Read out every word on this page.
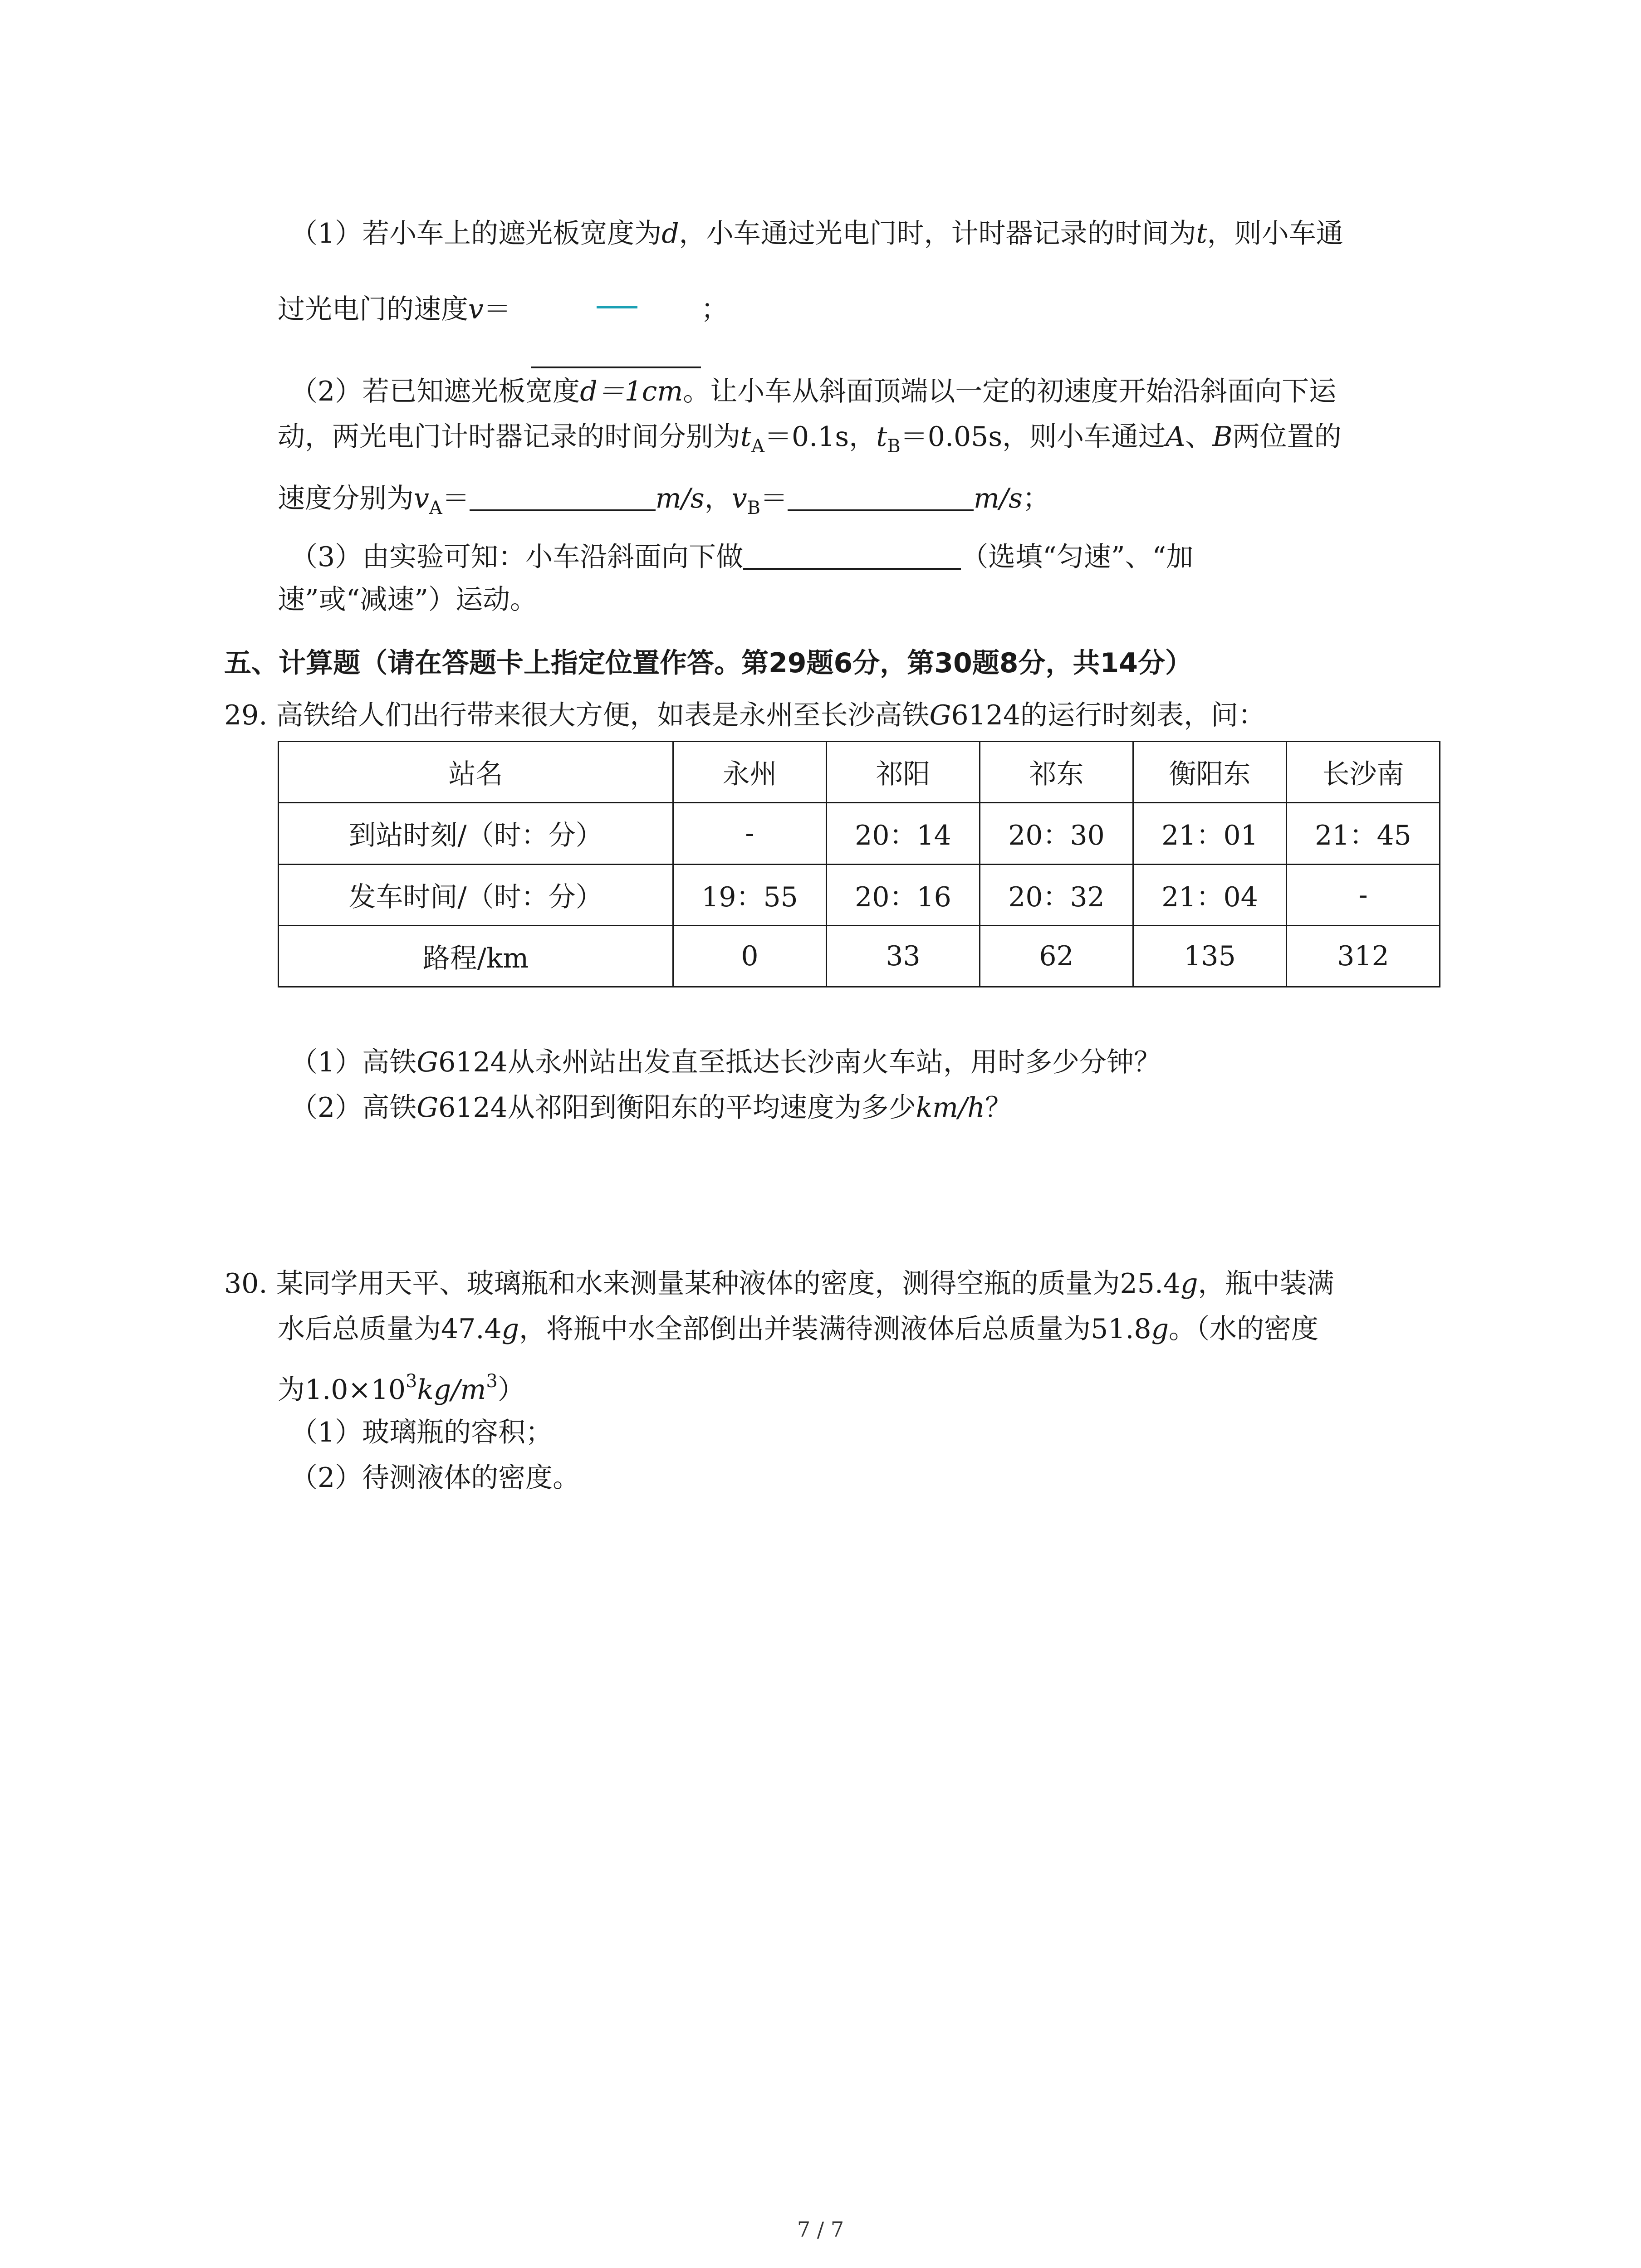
（1）若小车上的遮光板宽度为d，小车通过光电门时，计时器记录的时间为t，则小车通
过光电门的速度v＝	；
（2）若已知遮光板宽度d＝1cm。让小车从斜面顶端以一定的初速度开始沿斜面向下运
动，两光电门计时器记录的时间分别为$t_A=0.1s$，$t_B=0.05s$，则小车通过A、B两位置的
速度分别为$v_A=$	m/s，$v_B=$	m/s；
（3）由实验可知：小车沿斜面向下做	（选填“匀速”、“加
速”或“减速”）运动。
五、计算题（请在答题卡上指定位置作答。第29题6分，第30题8分，共14分）
29. 高铁给人们出行带来很大方便，如表是永州至长沙高铁G6124的运行时刻表，问：
站名	永州	祁阳	祁东	衡阳东	长沙南
到站时刻/（时：分）	-	20：14	20：30	21：01	21：45
发车时间/（时：分）	19：55	20：16	20：32	21：04	-
路程/km	0	33	62	135	312
（1）高铁G6124从永州站出发直至抵达长沙南火车站，用时多少分钟？
（2）高铁G6124从祁阳到衡阳东的平均速度为多少km/h？
30. 某同学用天平、玻璃瓶和水来测量某种液体的密度，测得空瓶的质量为25.4g，瓶中装满
水后总质量为47.4g，将瓶中水全部倒出并装满待测液体后总质量为51.8g。（水的密度
为$1.0\times 10^3kg/m^3$）
（1）玻璃瓶的容积；
（2）待测液体的密度。
7 / 7
